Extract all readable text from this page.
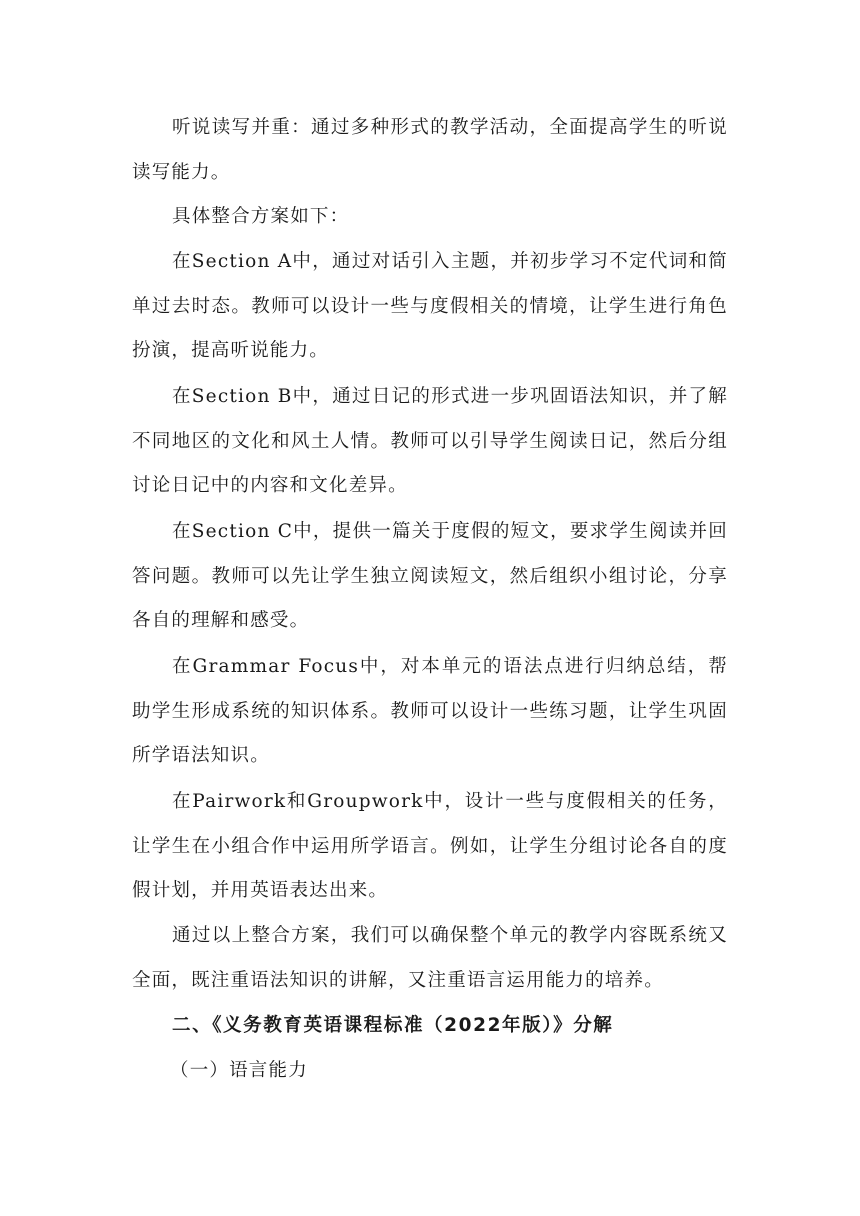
听说读写并重：通过多种形式的教学活动，全面提高学生的听说读写能力。

具体整合方案如下：

在Section A中，通过对话引入主题，并初步学习不定代词和简单过去时态。教师可以设计一些与度假相关的情境，让学生进行角色扮演，提高听说能力。

在Section B中，通过日记的形式进一步巩固语法知识，并了解不同地区的文化和风土人情。教师可以引导学生阅读日记，然后分组讨论日记中的内容和文化差异。

在Section C中，提供一篇关于度假的短文，要求学生阅读并回答问题。教师可以先让学生独立阅读短文，然后组织小组讨论，分享各自的理解和感受。

在Grammar Focus中，对本单元的语法点进行归纳总结，帮助学生形成系统的知识体系。教师可以设计一些练习题，让学生巩固所学语法知识。

在Pairwork和Groupwork中，设计一些与度假相关的任务，让学生在小组合作中运用所学语言。例如，让学生分组讨论各自的度假计划，并用英语表达出来。

通过以上整合方案，我们可以确保整个单元的教学内容既系统又全面，既注重语法知识的讲解，又注重语言运用能力的培养。

二、《义务教育英语课程标准（2022年版）》分解

（一）语言能力
